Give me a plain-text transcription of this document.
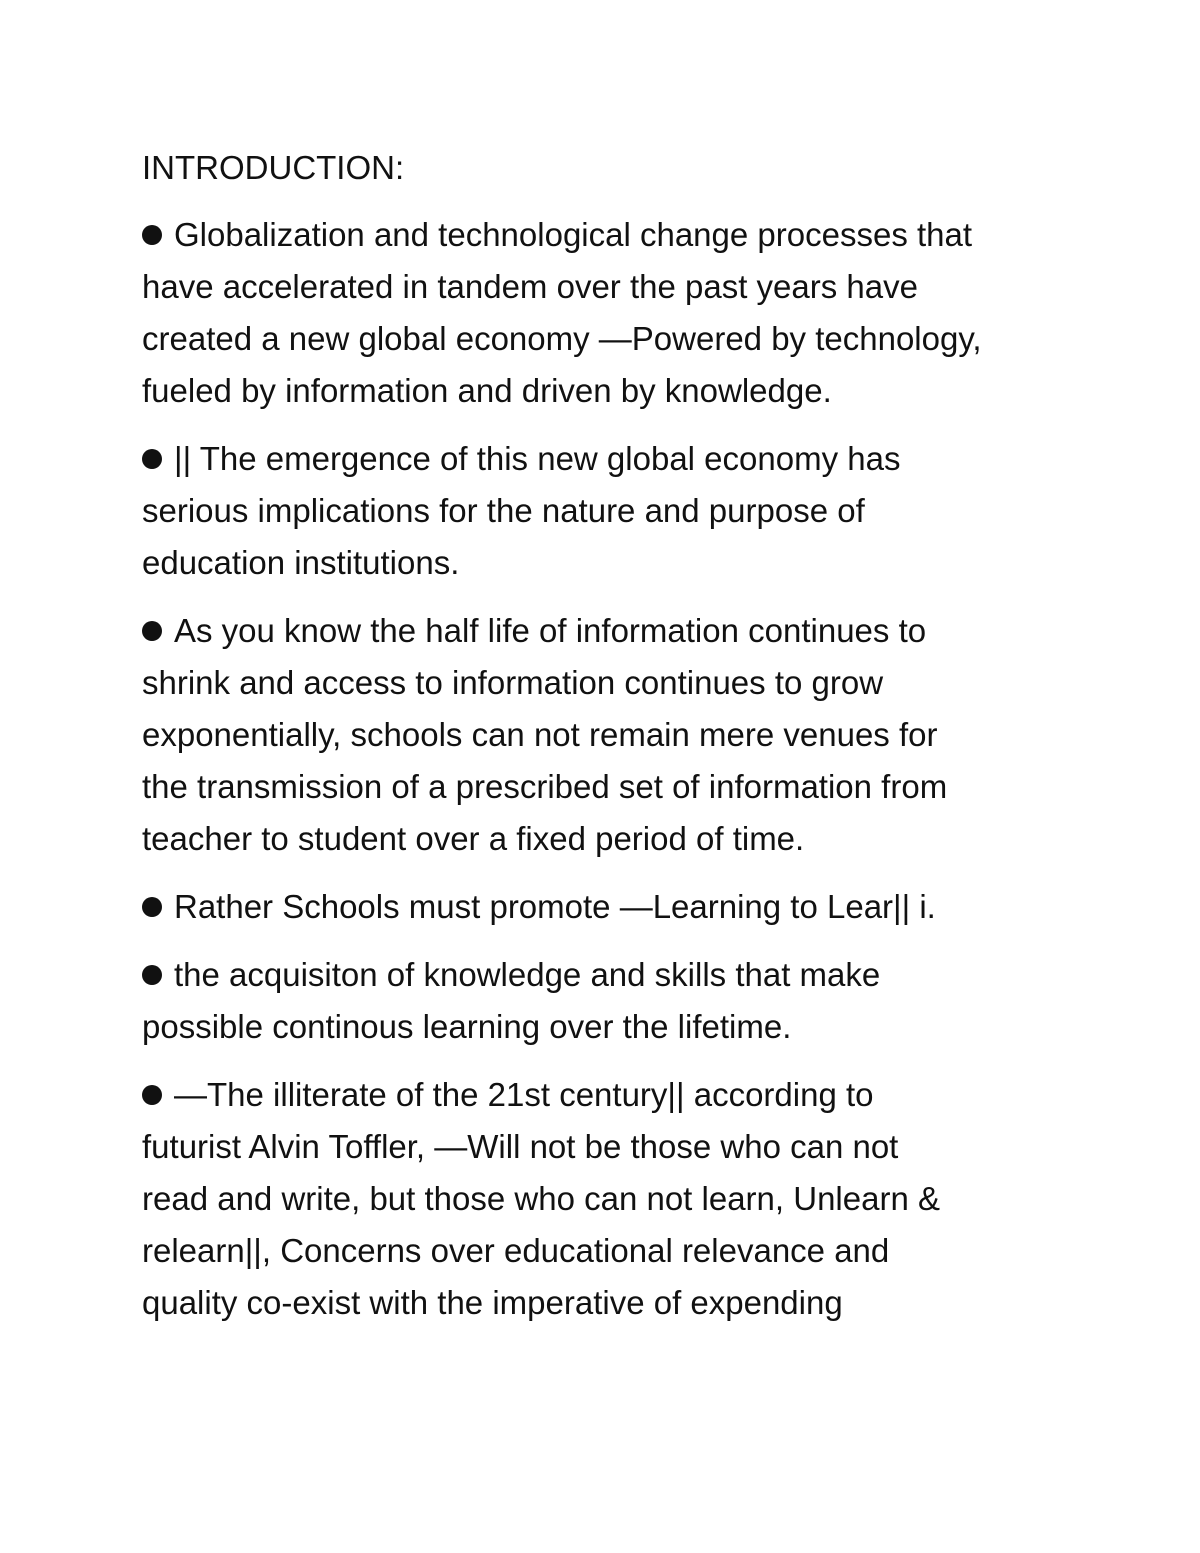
INTRODUCTION:
Globalization and technological change processes that
have accelerated in tandem over the past years have
created a new global economy —Powered by technology,
fueled by information and driven by knowledge.
|| The emergence of this new global economy has
serious implications for the nature and purpose of
education institutions.
As you know the half life of information continues to
shrink and access to information continues to grow
exponentially, schools can not remain mere venues for
the transmission of a prescribed set of information from
teacher to student over a fixed period of time.
Rather Schools must promote —Learning to Lear|| i.
the acquisiton of knowledge and skills that make
possible continous learning over the lifetime.
—The illiterate of the 21st century|| according to
futurist Alvin Toffler, —Will not be those who can not
read and write, but those who can not learn, Unlearn &
relearn||, Concerns over educational relevance and
quality co-exist with the imperative of expending
